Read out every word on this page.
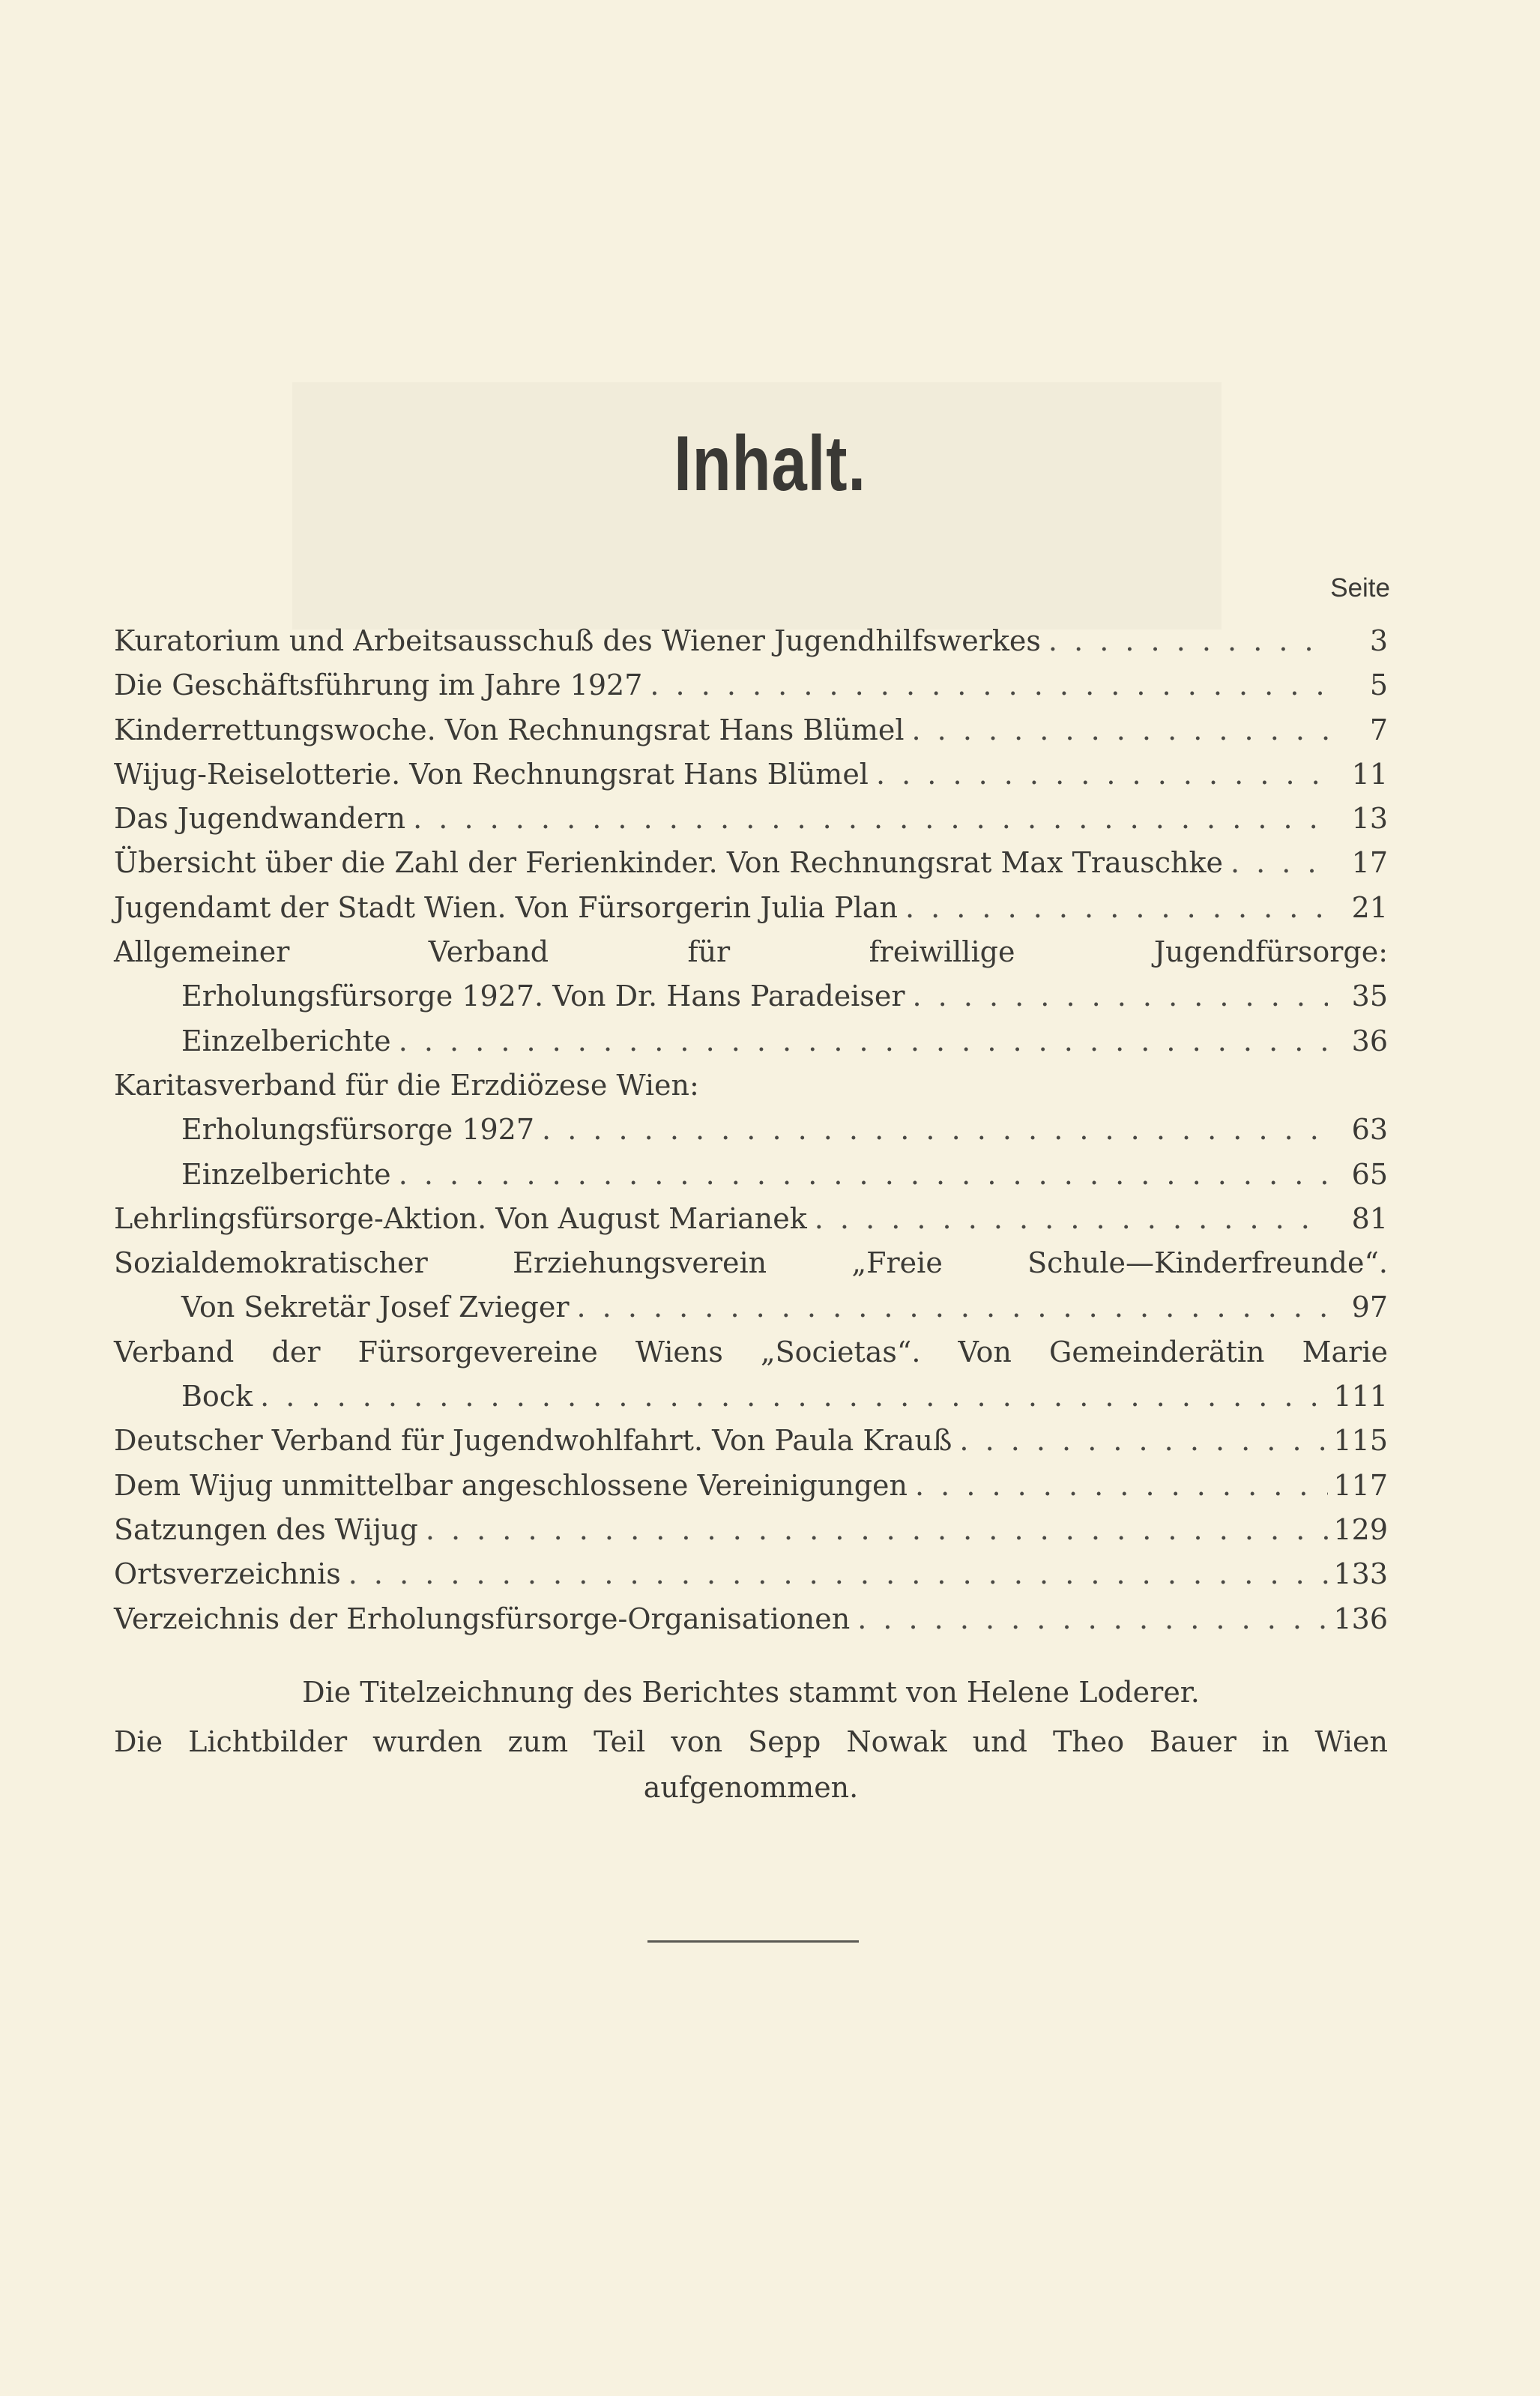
Inhalt.
Seite
Kuratorium und Arbeitsausschuß des Wiener Jugendhilfswerkes . . .	3
Die Geschäftsführung im Jahre 1927 . . .	5
Kinderrettungswoche. Von Rechnungsrat Hans Blümel . . .	7
Wijug-Reiselotterie. Von Rechnungsrat Hans Blümel . . .	11
Das Jugendwandern . . .	13
Übersicht über die Zahl der Ferienkinder. Von Rechnungsrat Max Trauschke . . .	17
Jugendamt der Stadt Wien. Von Fürsorgerin Julia Plan . . .	21
Allgemeiner Verband für freiwillige Jugendfürsorge:
Erholungsfürsorge 1927. Von Dr. Hans Paradeiser . . .	35
Einzelberichte . . .	36
Karitasverband für die Erzdiözese Wien:
Erholungsfürsorge 1927 . . .	63
Einzelberichte . . .	65
Lehrlingsfürsorge-Aktion. Von August Marianek . . .	81
Sozialdemokratischer Erziehungsverein „Freie Schule—Kinderfreunde“.
Von Sekretär Josef Zvieger . . .	97
Verband der Fürsorgevereine Wiens „Societas“. Von Gemeinderätin Marie
Bock . . .	111
Deutscher Verband für Jugendwohlfahrt. Von Paula Krauß . . .	115
Dem Wijug unmittelbar angeschlossene Vereinigungen . . .	117
Satzungen des Wijug . . .	129
Ortsverzeichnis . . .	133
Verzeichnis der Erholungsfürsorge-Organisationen . . .	136
Die Titelzeichnung des Berichtes stammt von Helene Loderer.
Die Lichtbilder wurden zum Teil von Sepp Nowak und Theo Bauer in Wien
aufgenommen.
